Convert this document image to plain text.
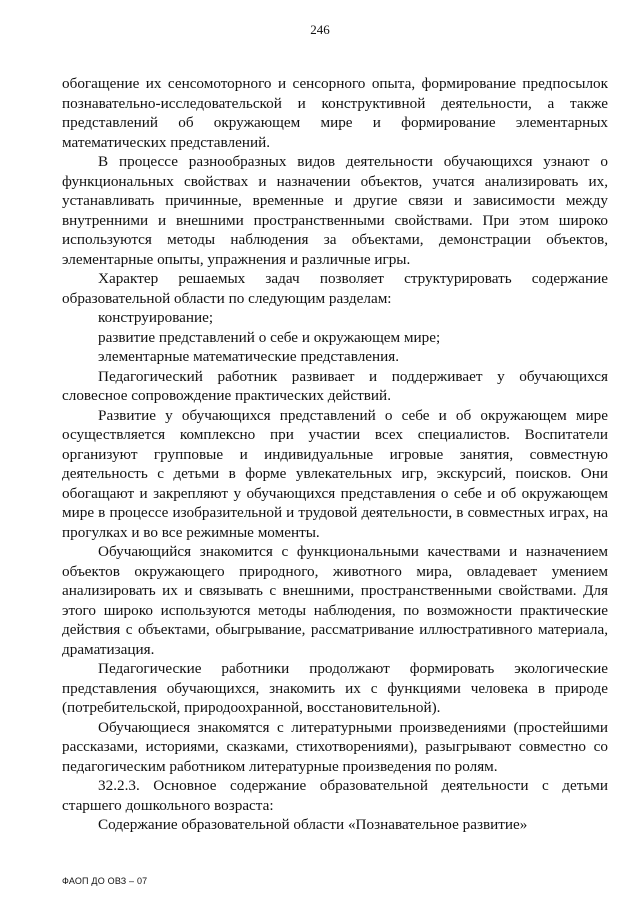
246

обогащение их сенсомоторного и сенсорного опыта, формирование предпосылок познавательно-исследовательской и конструктивной деятельности, а также представлений об окружающем мире и формирование элементарных математических представлений.

В процессе разнообразных видов деятельности обучающихся узнают о функциональных свойствах и назначении объектов, учатся анализировать их, устанавливать причинные, временные и другие связи и зависимости между внутренними и внешними пространственными свойствами. При этом широко используются методы наблюдения за объектами, демонстрации объектов, элементарные опыты, упражнения и различные игры.

Характер решаемых задач позволяет структурировать содержание образовательной области по следующим разделам:

конструирование;

развитие представлений о себе и окружающем мире;

элементарные математические представления.

Педагогический работник развивает и поддерживает у обучающихся словесное сопровождение практических действий.

Развитие у обучающихся представлений о себе и об окружающем мире осуществляется комплексно при участии всех специалистов. Воспитатели организуют групповые и индивидуальные игровые занятия, совместную деятельность с детьми в форме увлекательных игр, экскурсий, поисков. Они обогащают и закрепляют у обучающихся представления о себе и об окружающем мире в процессе изобразительной и трудовой деятельности, в совместных играх, на прогулках и во все режимные моменты.

Обучающийся знакомится с функциональными качествами и назначением объектов окружающего природного, животного мира, овладевает умением анализировать их и связывать с внешними, пространственными свойствами. Для этого широко используются методы наблюдения, по возможности практические действия с объектами, обыгрывание, рассматривание иллюстративного материала, драматизация.

Педагогические работники продолжают формировать экологические представления обучающихся, знакомить их с функциями человека в природе (потребительской, природоохранной, восстановительной).

Обучающиеся знакомятся с литературными произведениями (простейшими рассказами, историями, сказками, стихотворениями), разыгрывают совместно со педагогическим работником литературные произведения по ролям.

32.2.3. Основное содержание образовательной деятельности с детьми старшего дошкольного возраста:

Содержание образовательной области «Познавательное развитие»

ФАОП ДО ОВЗ – 07
